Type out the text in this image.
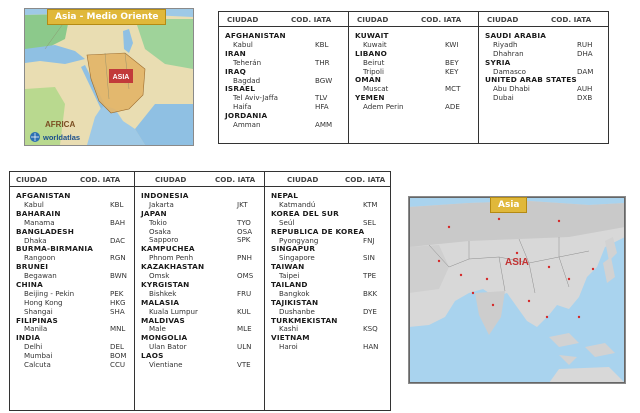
ASIA
AFRICA
worldatlas
Asia - Medio Oriente	CIUDAD	COD. IATA
AFGHANISTAN
Kabul	KBL
IRAN
Teherán	THR
IRAQ
Bagdad	BGW
ISRAEL
Tel Aviv-Jaffa	TLV
Haifa	HFA
JORDANIA
Amman	AMM
CIUDAD	COD. IATA
KUWAIT
Kuwait	KWI
LIBANO
Beirut	BEY
Tripoli	KEY
OMAN
Muscat	MCT
YEMEN
Adem Perin	ADE
CIUDAD	COD. IATA
SAUDI ARABIA
Riyadh	RUH
Dhahran	DHA
SYRIA
Damasco	DAM
UNITED ARAB STATES
Abu Dhabi	AUH
Dubai	DXB
CIUDAD	COD. IATA
AFGANISTAN
Kabul	KBL
BAHARAIN
Manama	BAH
BANGLADESH
Dhaka	DAC
BURMA-BIRMANIA
Rangoon	RGN
BRUNEI
Begawan	BWN
CHINA
Beijing - Pekin	PEK
Hong Kong	HKG
Shangai	SHA
FILIPINAS
Manila	MNL
INDIA
Delhi	DEL
Mumbai	BOM
Calcuta	CCU
CIUDAD	COD. IATA
INDONESIA
Jakarta	JKT
JAPAN
Tokio	TYO
Osaka	OSA
Sapporo	SPK
KAMPUCHEA
Phnom Penh	PNH
KAZAKHASTAN
Omsk	OMS
KYRGISTAN
Bishkek	FRU
MALASIA
Kuala Lumpur	KUL
MALDIVAS
Male	MLE
MONGOLIA
Ulan Bator	ULN
LAOS
Vientiane	VTE
CIUDAD	COD. IATA
NEPAL
Katmandú	KTM
KOREA DEL SUR
Seúl	SEL
REPUBLICA DE KOREA
Pyongyang	FNJ
SINGAPUR
Singapore	SIN
TAIWAN
Taipei	TPE
TAILAND
Bangkok	BKK
TAJIKISTAN
Dushanbe	DYE
TURKMEKISTAN
Kashi	KSQ
VIETNAM
Haroi	HAN
ASIA
Asia
